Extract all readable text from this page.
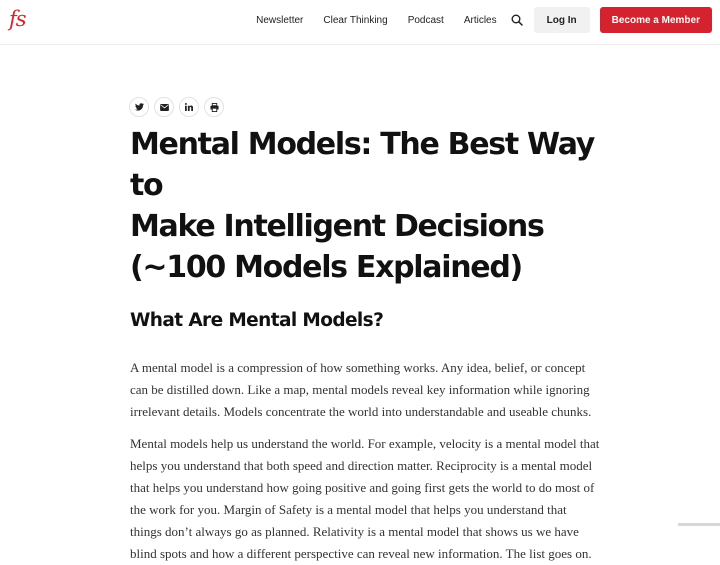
fs	Newsletter Clear Thinking Podcast Articles	Log In	Become a Member
Mental Models: The Best Way to
Make Intelligent Decisions
(~100 Models Explained)
What Are Mental Models?

A mental model is a compression of how something works. Any idea, belief, or concept can be distilled down. Like a map, mental models reveal key information while ignoring irrelevant details. Models concentrate the world into understandable and useable chunks.

Mental models help us understand the world. For example, velocity is a mental model that helps you understand that both speed and direction matter. Reciprocity is a mental model that helps you understand how going positive and going first gets the world to do most of the work for you. Margin of Safety is a mental model that helps you understand that things don’t always go as planned. Relativity is a mental model that shows us we have blind spots and how a different perspective can reveal new information. The list goes on.
